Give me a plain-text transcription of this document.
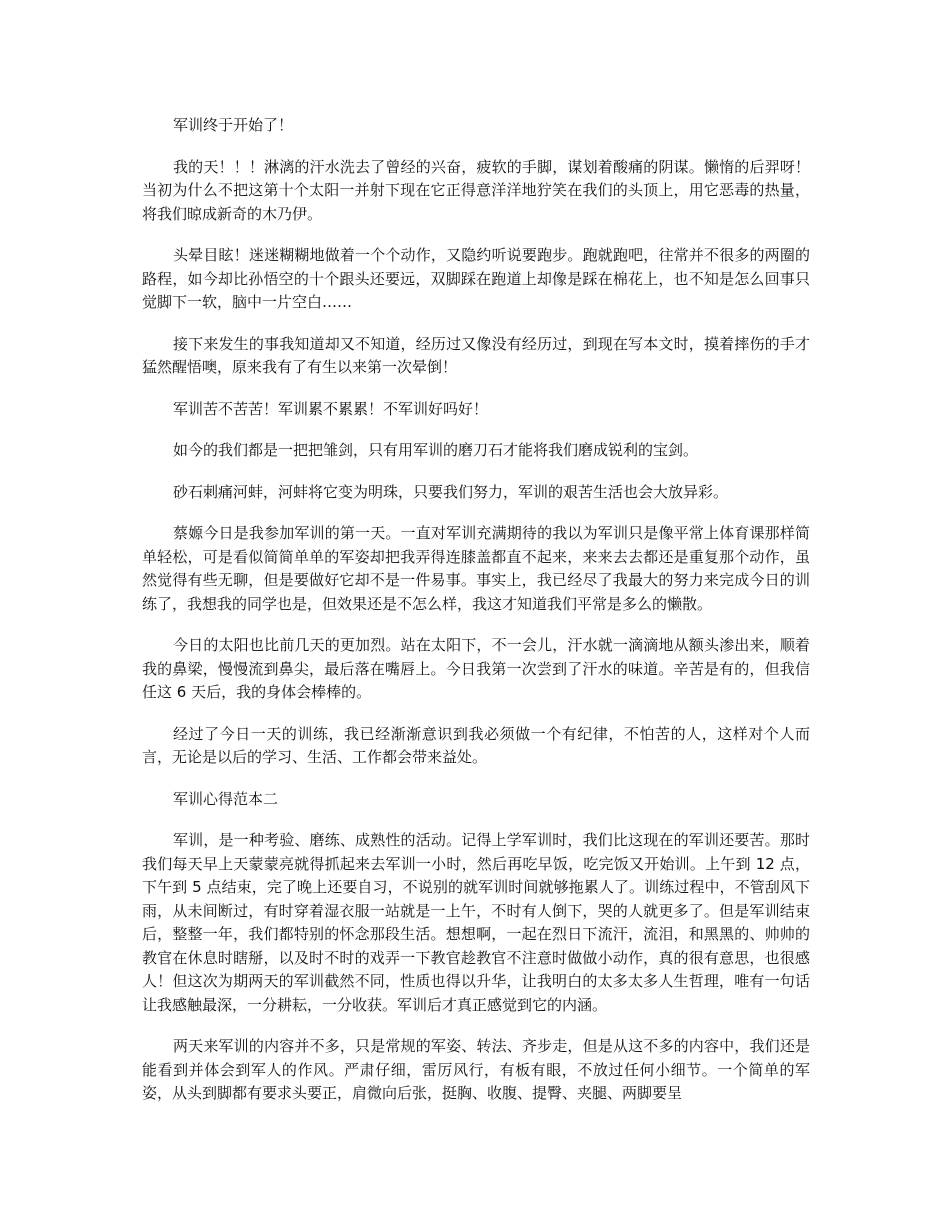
军训终于开始了！

我的天！！！淋漓的汗水洗去了曾经的兴奋，疲软的手脚，谋划着酸痛的阴谋。懒惰的后羿呀！当初为什么不把这第十个太阳一并射下现在它正得意洋洋地狞笑在我们的头顶上，用它恶毒的热量，将我们晾成新奇的木乃伊。

头晕目眩！迷迷糊糊地做着一个个动作，又隐约听说要跑步。跑就跑吧，往常并不很多的两圈的路程，如今却比孙悟空的十个跟头还要远，双脚踩在跑道上却像是踩在棉花上，也不知是怎么回事只觉脚下一软，脑中一片空白……

接下来发生的事我知道却又不知道，经历过又像没有经历过，到现在写本文时，摸着摔伤的手才猛然醒悟噢，原来我有了有生以来第一次晕倒！

军训苦不苦苦！军训累不累累！不军训好吗好！

如今的我们都是一把把雏剑，只有用军训的磨刀石才能将我们磨成锐利的宝剑。

砂石刺痛河蚌，河蚌将它变为明珠，只要我们努力，军训的艰苦生活也会大放异彩。

蔡嫄今日是我参加军训的第一天。一直对军训充满期待的我以为军训只是像平常上体育课那样简单轻松，可是看似简简单单的军姿却把我弄得连膝盖都直不起来，来来去去都还是重复那个动作，虽然觉得有些无聊，但是要做好它却不是一件易事。事实上，我已经尽了我最大的努力来完成今日的训练了，我想我的同学也是，但效果还是不怎么样，我这才知道我们平常是多么的懒散。

今日的太阳也比前几天的更加烈。站在太阳下，不一会儿，汗水就一滴滴地从额头渗出来，顺着我的鼻梁，慢慢流到鼻尖，最后落在嘴唇上。今日我第一次尝到了汗水的味道。辛苦是有的，但我信任这 6 天后，我的身体会棒棒的。

经过了今日一天的训练，我已经渐渐意识到我必须做一个有纪律，不怕苦的人，这样对个人而言，无论是以后的学习、生活、工作都会带来益处。

军训心得范本二

军训，是一种考验、磨练、成熟性的活动。记得上学军训时，我们比这现在的军训还要苦。那时我们每天早上天蒙蒙亮就得抓起来去军训一小时，然后再吃早饭，吃完饭又开始训。上午到 12 点，下午到 5 点结束，完了晚上还要自习，不说别的就军训时间就够拖累人了。训练过程中，不管刮风下雨，从未间断过，有时穿着湿衣服一站就是一上午，不时有人倒下，哭的人就更多了。但是军训结束后，整整一年，我们都特别的怀念那段生活。想想啊，一起在烈日下流汗，流泪，和黑黑的、帅帅的教官在休息时瞎掰，以及时不时的戏弄一下教官趁教官不注意时做做小动作，真的很有意思，也很感人！但这次为期两天的军训截然不同，性质也得以升华，让我明白的太多太多人生哲理，唯有一句话让我感触最深，一分耕耘，一分收获。军训后才真正感觉到它的内涵。

两天来军训的内容并不多，只是常规的军姿、转法、齐步走，但是从这不多的内容中，我们还是能看到并体会到军人的作风。严肃仔细，雷厉风行，有板有眼，不放过任何小细节。一个简单的军姿，从头到脚都有要求头要正，肩微向后张，挺胸、收腹、提臀、夹腿、两脚要呈
